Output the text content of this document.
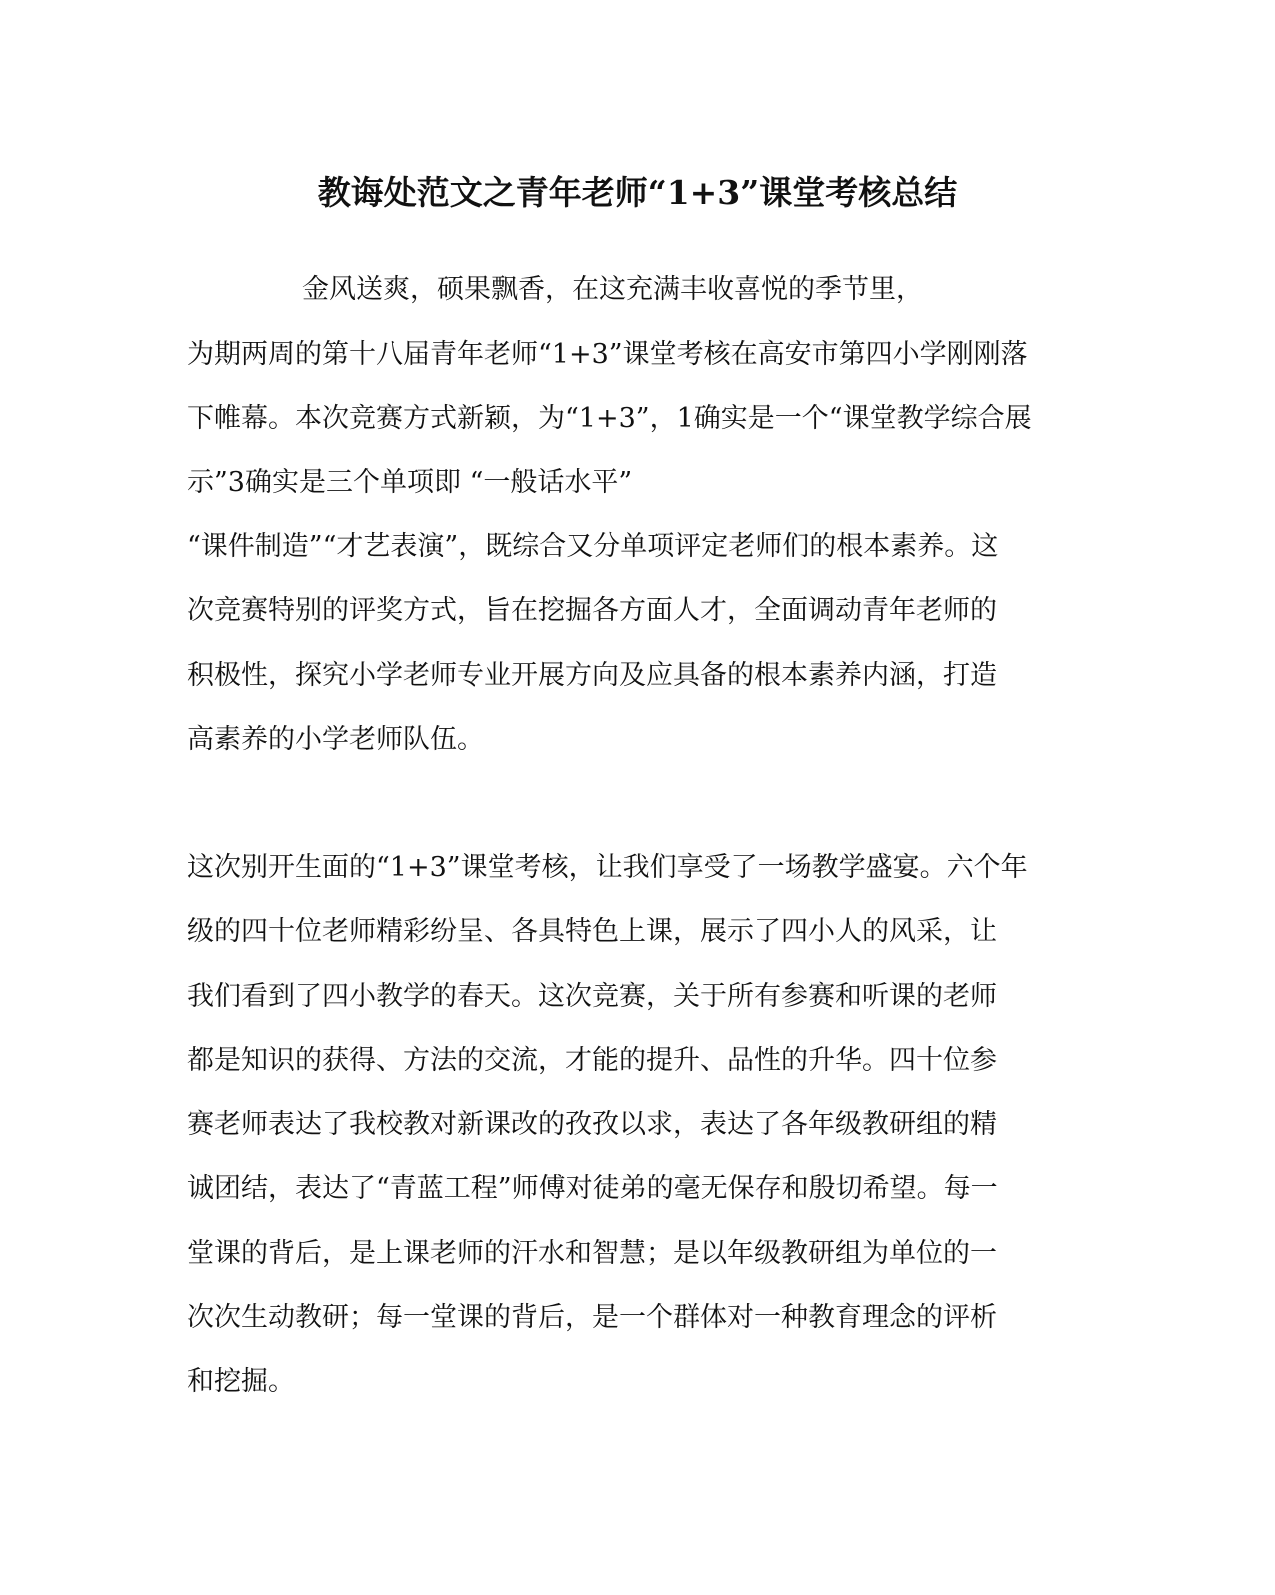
教诲处范文之青年老师“1+3”课堂考核总结
金风送爽，硕果飘香，在这充满丰收喜悦的季节里，
为期两周的第十八届青年老师“1+3”课堂考核在高安市第四小学刚刚落
下帷幕。本次竞赛方式新颖，为“1+3”，1确实是一个“课堂教学综合展
示”3确实是三个单项即 “一般话水平”
“课件制造”“才艺表演”，既综合又分单项评定老师们的根本素养。这
次竞赛特别的评奖方式，旨在挖掘各方面人才，全面调动青年老师的
积极性，探究小学老师专业开展方向及应具备的根本素养内涵，打造
高素养的小学老师队伍。
这次别开生面的“1+3”课堂考核，让我们享受了一场教学盛宴。六个年
级的四十位老师精彩纷呈、各具特色上课，展示了四小人的风采，让
我们看到了四小教学的春天。这次竞赛，关于所有参赛和听课的老师
都是知识的获得、方法的交流，才能的提升、品性的升华。四十位参
赛老师表达了我校教对新课改的孜孜以求，表达了各年级教研组的精
诚团结，表达了“青蓝工程”师傅对徒弟的毫无保存和殷切希望。每一
堂课的背后，是上课老师的汗水和智慧；是以年级教研组为单位的一
次次生动教研；每一堂课的背后，是一个群体对一种教育理念的评析
和挖掘。
